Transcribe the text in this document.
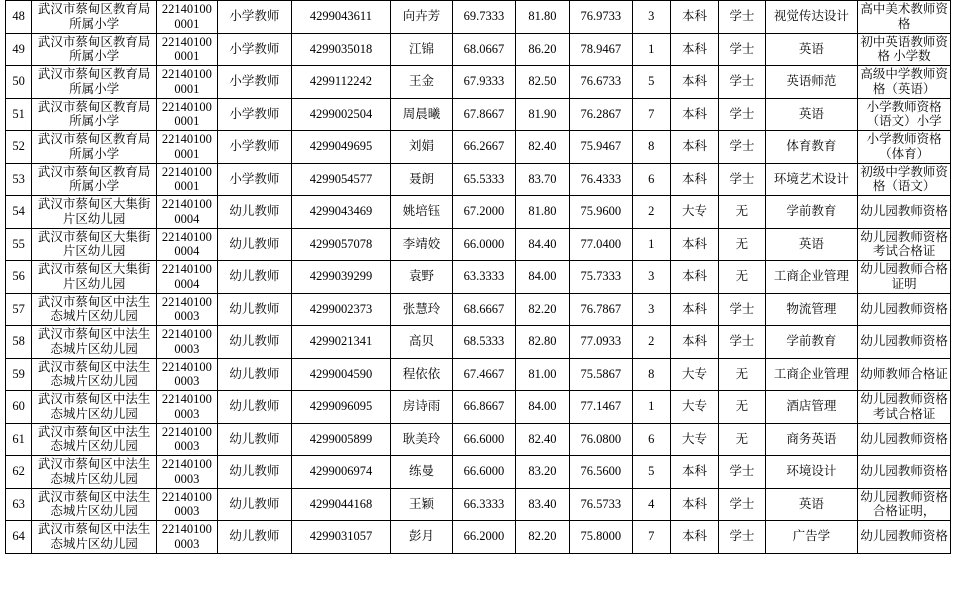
48	武汉市蔡甸区教育局所属小学	221401000001	小学教师	4299043611	向卉芳	69.7333	81.80	76.9733	3	本科	学士	视觉传达设计	高中美术教师资格
49	武汉市蔡甸区教育局所属小学	221401000001	小学教师	4299035018	江锦	68.0667	86.20	78.9467	1	本科	学士	英语	初中英语教师资格 小学数
50	武汉市蔡甸区教育局所属小学	221401000001	小学教师	4299112242	王金	67.9333	82.50	76.6733	5	本科	学士	英语师范	高级中学教师资格（英语）
51	武汉市蔡甸区教育局所属小学	221401000001	小学教师	4299002504	周晨曦	67.8667	81.90	76.2867	7	本科	学士	英语	小学教师资格（语文）小学
52	武汉市蔡甸区教育局所属小学	221401000001	小学教师	4299049695	刘娟	66.2667	82.40	75.9467	8	本科	学士	体育教育	小学教师资格（体育）
53	武汉市蔡甸区教育局所属小学	221401000001	小学教师	4299054577	聂朗	65.5333	83.70	76.4333	6	本科	学士	环境艺术设计	初级中学教师资格（语文）
54	武汉市蔡甸区大集街片区幼儿园	221401000004	幼儿教师	4299043469	姚培钰	67.2000	81.80	75.9600	2	大专	无	学前教育	幼儿园教师资格
55	武汉市蔡甸区大集街片区幼儿园	221401000004	幼儿教师	4299057078	李靖姣	66.0000	84.40	77.0400	1	本科	无	英语	幼儿园教师资格考试合格证
56	武汉市蔡甸区大集街片区幼儿园	221401000004	幼儿教师	4299039299	袁野	63.3333	84.00	75.7333	3	本科	无	工商企业管理	幼儿园教师合格证明
57	武汉市蔡甸区中法生态城片区幼儿园	221401000003	幼儿教师	4299002373	张慧玲	68.6667	82.20	76.7867	3	本科	学士	物流管理	幼儿园教师资格
58	武汉市蔡甸区中法生态城片区幼儿园	221401000003	幼儿教师	4299021341	高贝	68.5333	82.80	77.0933	2	本科	学士	学前教育	幼儿园教师资格
59	武汉市蔡甸区中法生态城片区幼儿园	221401000003	幼儿教师	4299004590	程依依	67.4667	81.00	75.5867	8	大专	无	工商企业管理	幼师教师合格证
60	武汉市蔡甸区中法生态城片区幼儿园	221401000003	幼儿教师	4299096095	房诗雨	66.8667	84.00	77.1467	1	大专	无	酒店管理	幼儿园教师资格考试合格证
61	武汉市蔡甸区中法生态城片区幼儿园	221401000003	幼儿教师	4299005899	耿美玲	66.6000	82.40	76.0800	6	大专	无	商务英语	幼儿园教师资格
62	武汉市蔡甸区中法生态城片区幼儿园	221401000003	幼儿教师	4299006974	练曼	66.6000	83.20	76.5600	5	本科	学士	环境设计	幼儿园教师资格
63	武汉市蔡甸区中法生态城片区幼儿园	221401000003	幼儿教师	4299044168	王颖	66.3333	83.40	76.5733	4	本科	学士	英语	幼儿园教师资格合格证明，
64	武汉市蔡甸区中法生态城片区幼儿园	221401000003	幼儿教师	4299031057	彭月	66.2000	82.20	75.8000	7	本科	学士	广告学	幼儿园教师资格
